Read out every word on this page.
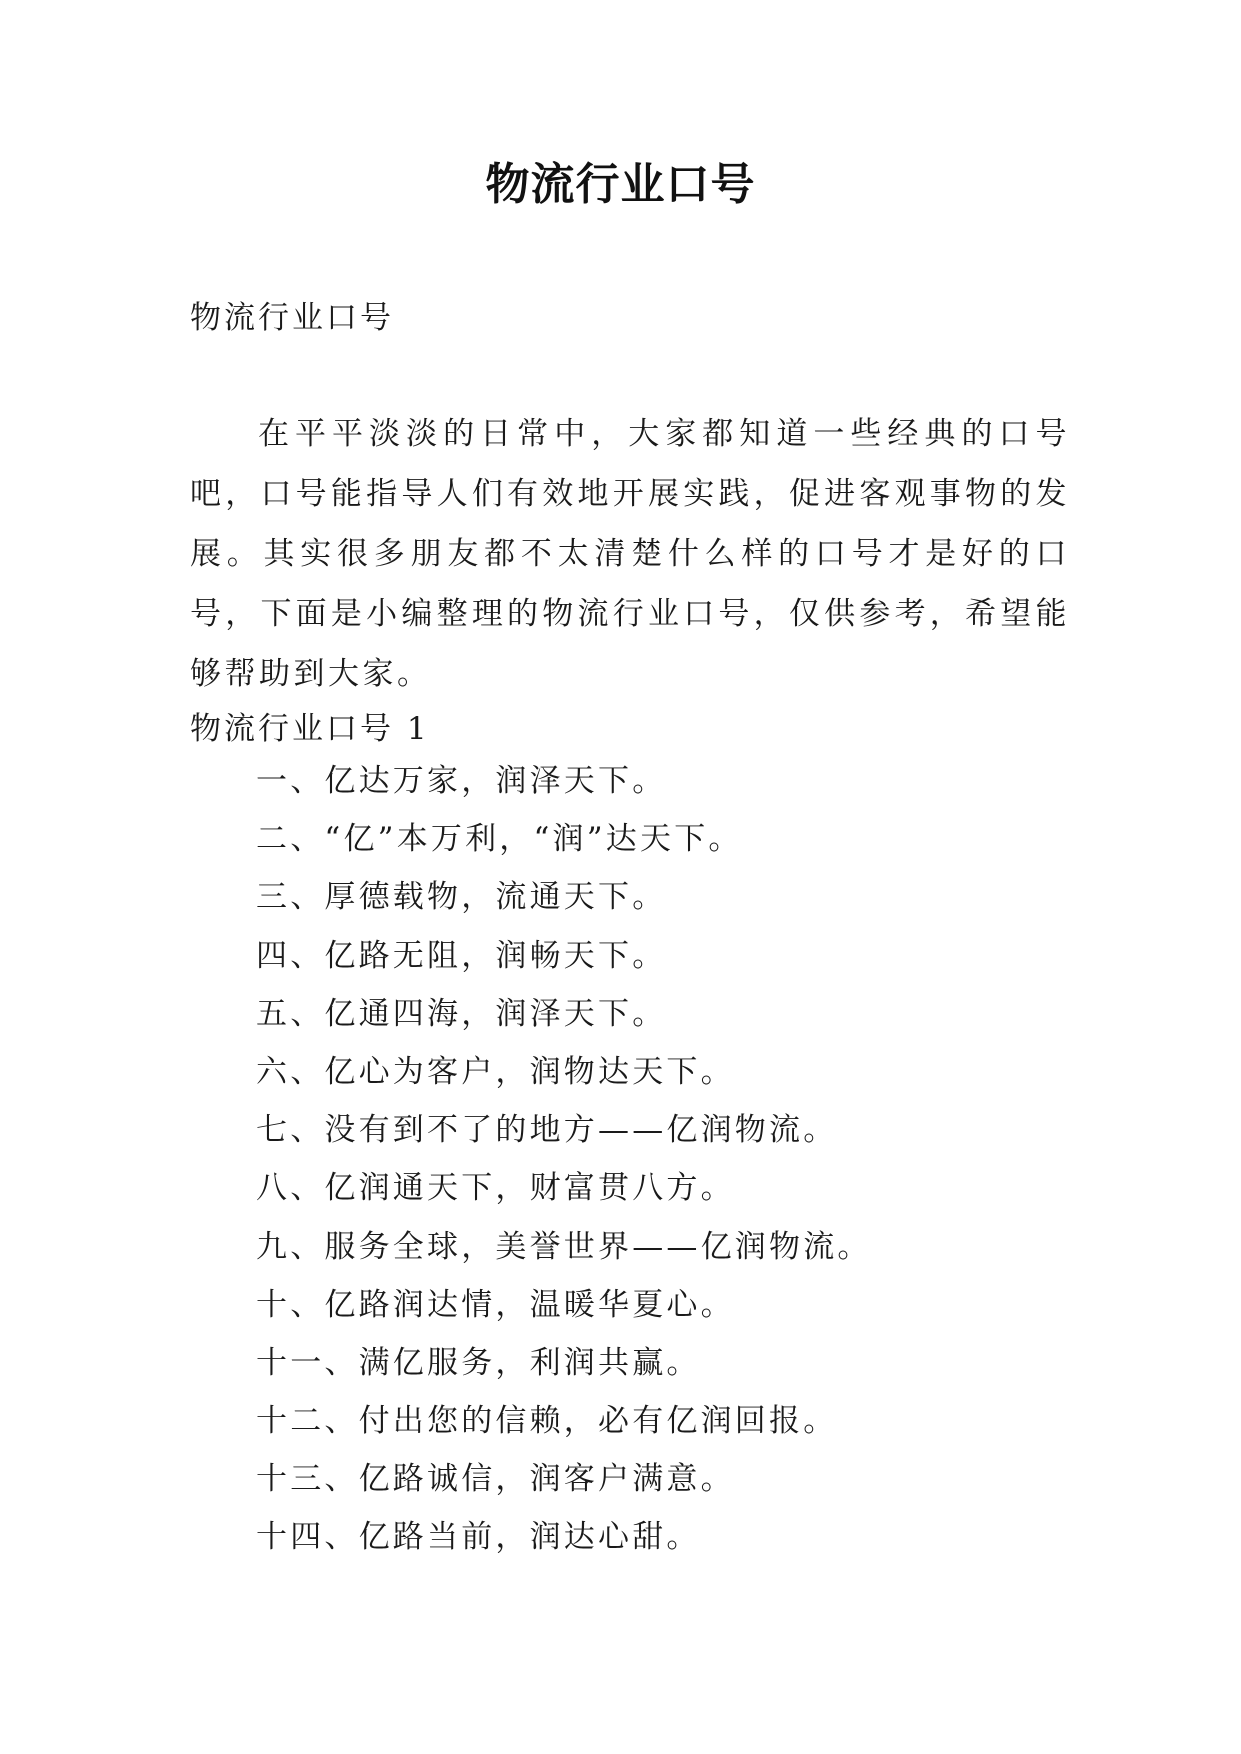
物流行业口号
物流行业口号

在平平淡淡的日常中，大家都知道一些经典的口号吧，口号能指导人们有效地开展实践，促进客观事物的发展。其实很多朋友都不太清楚什么样的口号才是好的口号，下面是小编整理的物流行业口号，仅供参考，希望能够帮助到大家。

物流行业口号 1
一、亿达万家，润泽天下。
二、“亿”本万利，“润”达天下。
三、厚德载物，流通天下。
四、亿路无阻，润畅天下。
五、亿通四海，润泽天下。
六、亿心为客户，润物达天下。
七、没有到不了的地方——亿润物流。
八、亿润通天下，财富贯八方。
九、服务全球，美誉世界——亿润物流。
十、亿路润达情，温暖华夏心。
十一、满亿服务，利润共赢。
十二、付出您的信赖，必有亿润回报。
十三、亿路诚信，润客户满意。
十四、亿路当前，润达心甜。
